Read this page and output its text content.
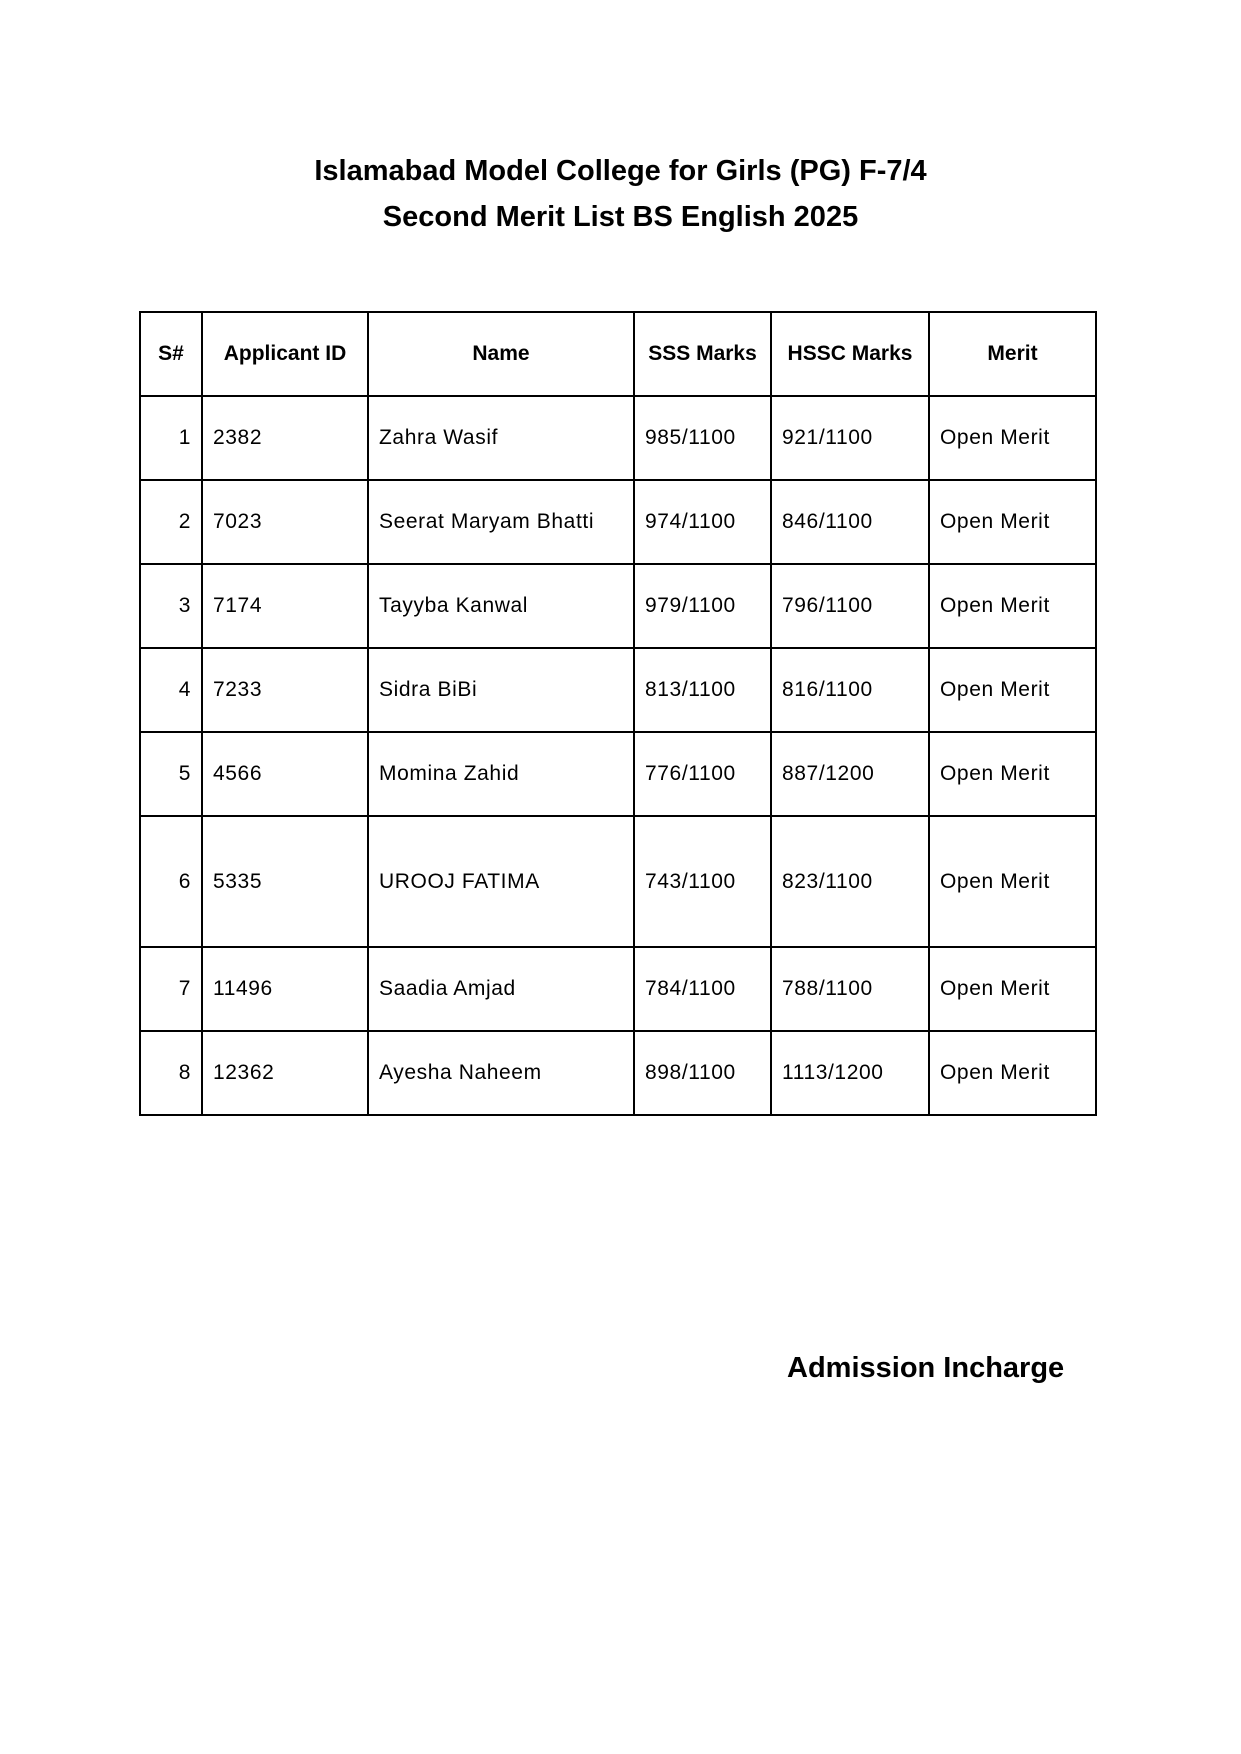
Islamabad Model College for Girls (PG) F-7/4
Second Merit List BS English 2025
S#	Applicant ID	Name	SSS Marks	HSSC Marks	Merit
1	2382	Zahra Wasif	985/1100	921/1100	Open Merit
2	7023	Seerat Maryam Bhatti	974/1100	846/1100	Open Merit
3	7174	Tayyba Kanwal	979/1100	796/1100	Open Merit
4	7233	Sidra BiBi	813/1100	816/1100	Open Merit
5	4566	Momina Zahid	776/1100	887/1200	Open Merit
6	5335	UROOJ FATIMA	743/1100	823/1100	Open Merit
7	11496	Saadia Amjad	784/1100	788/1100	Open Merit
8	12362	Ayesha Naheem	898/1100	1113/1200	Open Merit
Admission Incharge
